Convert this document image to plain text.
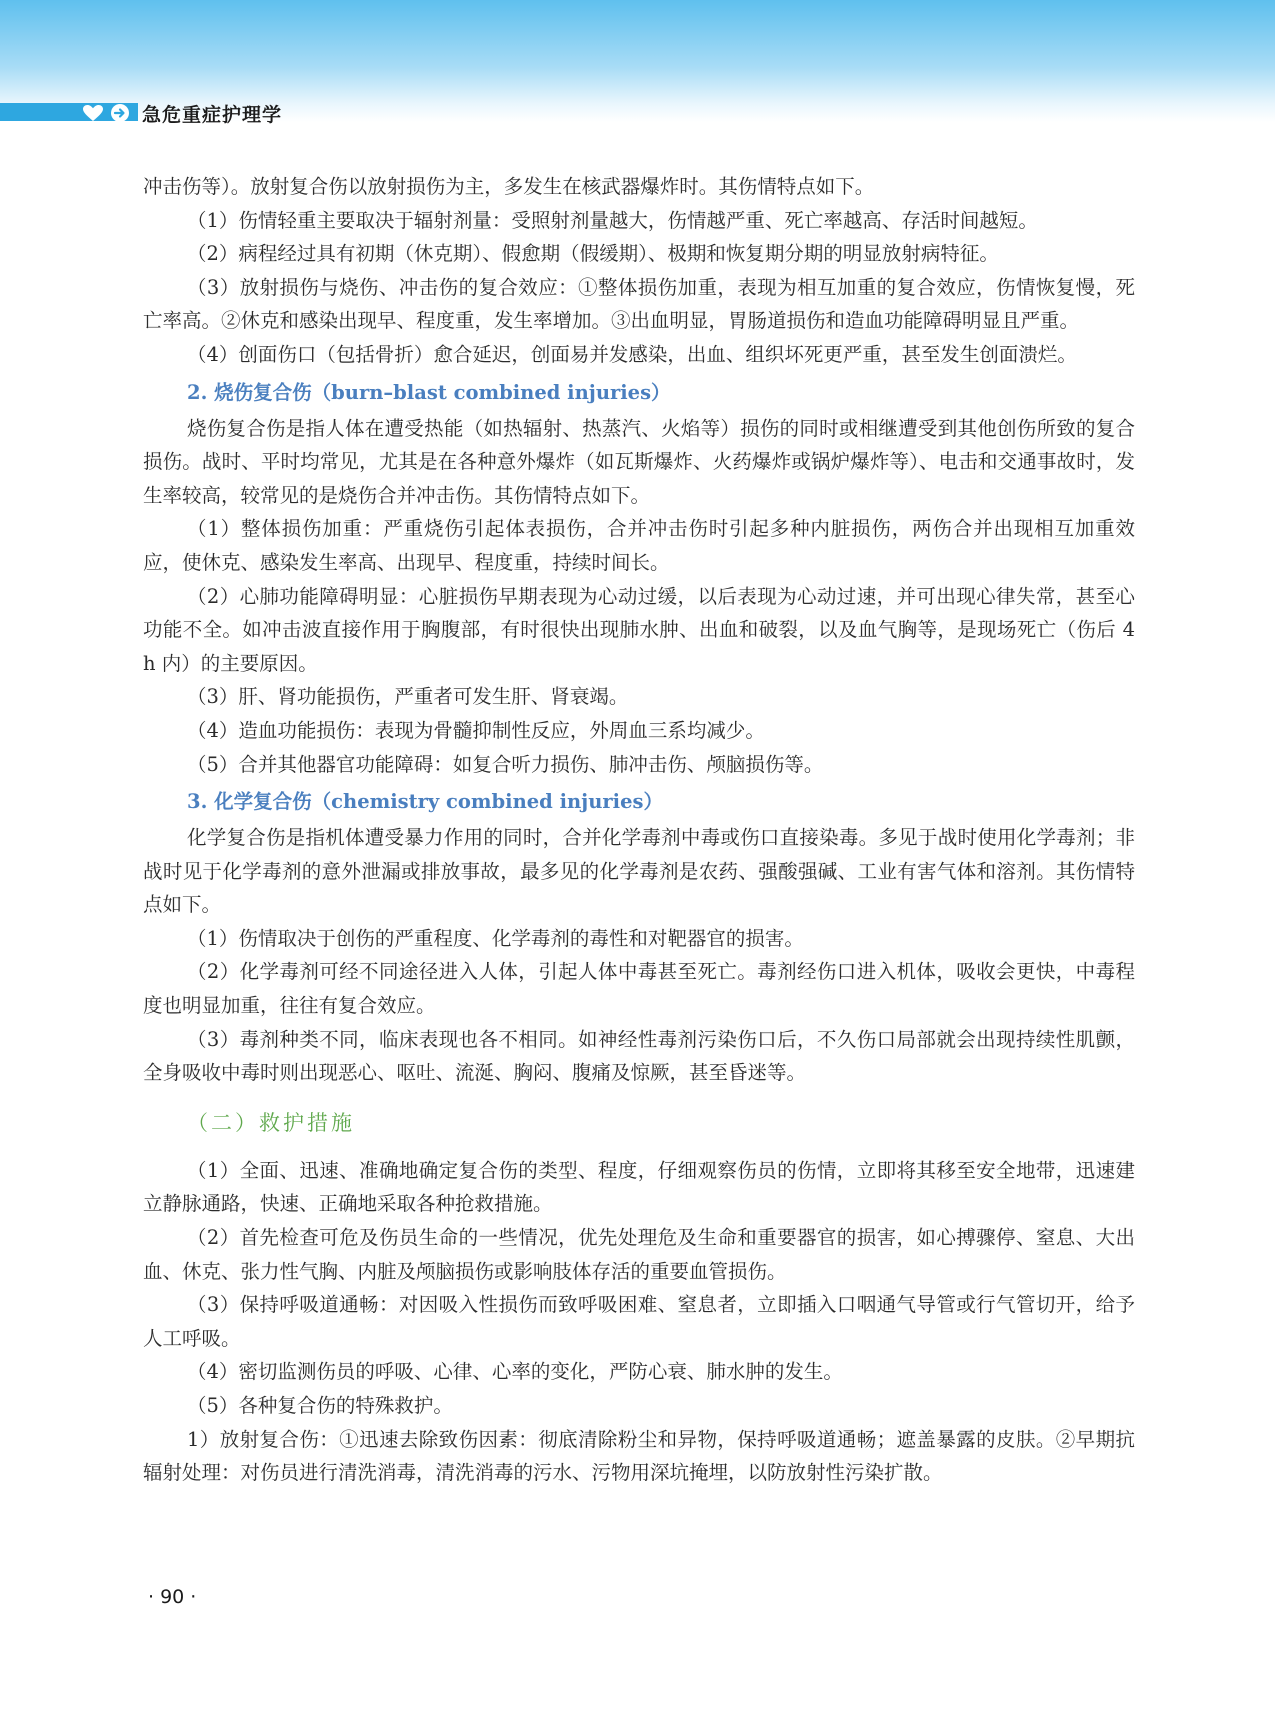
急危重症护理学

冲击伤等）。放射复合伤以放射损伤为主，多发生在核武器爆炸时。其伤情特点如下。

（1）伤情轻重主要取决于辐射剂量：受照射剂量越大，伤情越严重、死亡率越高、存活时间越短。

（2）病程经过具有初期（休克期）、假愈期（假缓期）、极期和恢复期分期的明显放射病特征。

（3）放射损伤与烧伤、冲击伤的复合效应：①整体损伤加重，表现为相互加重的复合效应，伤情恢复慢，死亡率高。②休克和感染出现早、程度重，发生率增加。③出血明显，胃肠道损伤和造血功能障碍明显且严重。

（4）创面伤口（包括骨折）愈合延迟，创面易并发感染，出血、组织坏死更严重，甚至发生创面溃烂。

2. 烧伤复合伤（burn–blast combined injuries）

烧伤复合伤是指人体在遭受热能（如热辐射、热蒸汽、火焰等）损伤的同时或相继遭受到其他创伤所致的复合损伤。战时、平时均常见，尤其是在各种意外爆炸（如瓦斯爆炸、火药爆炸或锅炉爆炸等）、电击和交通事故时，发生率较高，较常见的是烧伤合并冲击伤。其伤情特点如下。

（1）整体损伤加重：严重烧伤引起体表损伤，合并冲击伤时引起多种内脏损伤，两伤合并出现相互加重效应，使休克、感染发生率高、出现早、程度重，持续时间长。

（2）心肺功能障碍明显：心脏损伤早期表现为心动过缓，以后表现为心动过速，并可出现心律失常，甚至心功能不全。如冲击波直接作用于胸腹部，有时很快出现肺水肿、出血和破裂，以及血气胸等，是现场死亡（伤后 4 h 内）的主要原因。

（3）肝、肾功能损伤，严重者可发生肝、肾衰竭。

（4）造血功能损伤：表现为骨髓抑制性反应，外周血三系均减少。

（5）合并其他器官功能障碍：如复合听力损伤、肺冲击伤、颅脑损伤等。

3. 化学复合伤（chemistry combined injuries）

化学复合伤是指机体遭受暴力作用的同时，合并化学毒剂中毒或伤口直接染毒。多见于战时使用化学毒剂；非战时见于化学毒剂的意外泄漏或排放事故，最多见的化学毒剂是农药、强酸强碱、工业有害气体和溶剂。其伤情特点如下。

（1）伤情取决于创伤的严重程度、化学毒剂的毒性和对靶器官的损害。

（2）化学毒剂可经不同途径进入人体，引起人体中毒甚至死亡。毒剂经伤口进入机体，吸收会更快，中毒程度也明显加重，往往有复合效应。

（3）毒剂种类不同，临床表现也各不相同。如神经性毒剂污染伤口后，不久伤口局部就会出现持续性肌颤，全身吸收中毒时则出现恶心、呕吐、流涎、胸闷、腹痛及惊厥，甚至昏迷等。

（二）救护措施

（1）全面、迅速、准确地确定复合伤的类型、程度，仔细观察伤员的伤情，立即将其移至安全地带，迅速建立静脉通路，快速、正确地采取各种抢救措施。

（2）首先检查可危及伤员生命的一些情况，优先处理危及生命和重要器官的损害，如心搏骤停、窒息、大出血、休克、张力性气胸、内脏及颅脑损伤或影响肢体存活的重要血管损伤。

（3）保持呼吸道通畅：对因吸入性损伤而致呼吸困难、窒息者，立即插入口咽通气导管或行气管切开，给予人工呼吸。

（4）密切监测伤员的呼吸、心律、心率的变化，严防心衰、肺水肿的发生。

（5）各种复合伤的特殊救护。

1）放射复合伤：①迅速去除致伤因素：彻底清除粉尘和异物，保持呼吸道通畅；遮盖暴露的皮肤。②早期抗辐射处理：对伤员进行清洗消毒，清洗消毒的污水、污物用深坑掩埋，以防放射性污染扩散。

· 90 ·
